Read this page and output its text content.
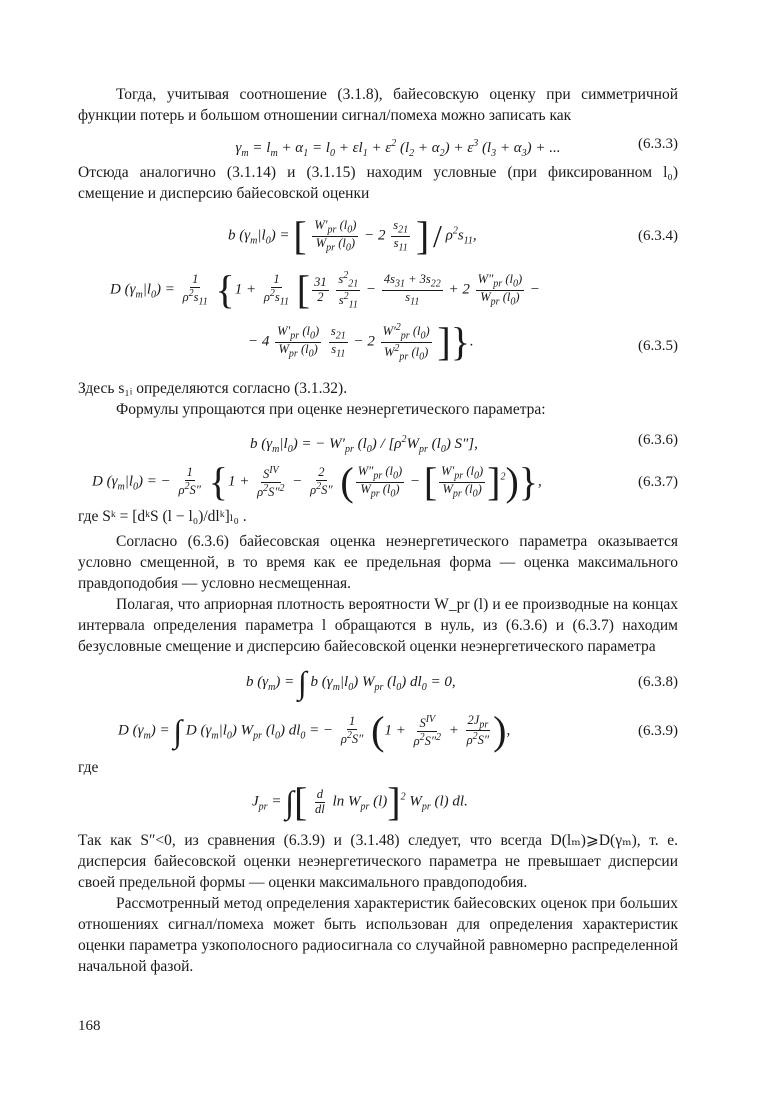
Тогда, учитывая соотношение (3.1.8), байесовскую оценку при симметричной функции потерь и большом отношении сигнал/помеха можно записать как

$\gamma_m = l_m + \alpha_1 = l_0 + \varepsilon l_1 + \varepsilon^2$ $(l_2 + \alpha_2) + \varepsilon^3$ $(l_3 + \alpha_3)$ + ...	(6.3.3)

Отсюда аналогично (3.1.14) и (3.1.15) находим условные (при фиксированном l₀) смещение и дисперсию байесовской оценки

b $(\gamma_m|l_0)$ = [ $\frac{W'_{pr} (l_0)}{W_{pr} (l_0)} - 2 \frac{s_{21}}{s_{11}}$ ] / $\rho^2s_{11}$,	(6.3.4)
D $(\gamma_m|l_0) = \frac{1}{\rho^2s_{11}} \{1 + \frac{1}{\rho^2s_{11}}$ [ $\frac{31}{2}$
$\frac{s^2_{21}}{s^2_{11}} - \frac{4s_{31} + 3s_{22}}{s_{11}} + 2 \frac{W''_{pr} (l_0)}{W_{pr} (l_0)}$ −
− $4 \frac{W'_{pr} (l_0)}{W_{pr} (l_0)}$
$\frac{s_{21}}{s_{11}} - 2 \frac{W'^2_{pr} (l_0)}{W^2_{pr} (l_0)}$ ]}.	(6.3.5)

Здесь s₁ᵢ определяются согласно (3.1.32).

Формулы упрощаются при оценке неэнергетического параметра:

b $(\gamma_m|l_0)$ = − $W'_{pr}$ $(l_0) / [\rho^2W_{pr}$ $(l_0)$ S″],	(6.3.6)
D $(\gamma_m|l_0)$ = − $\frac{1}{\rho^2S''} \{1 + \frac{S^{IV}}{\rho^2S''^2} - \frac{2}{\rho^2S''}$ ( $\frac{W''_{pr} (l_0)}{W_{pr} (l_0)}$ − [ $\frac{W'_{pr} (l_0)}{W_{pr} (l_0)} ]^2$)},	(6.3.7)

где Sᵏ = [dᵏS (l − l₀)/dlᵏ]ₗ₀ .

Согласно (6.3.6) байесовская оценка неэнергетического параметра оказывается условно смещенной, в то время как ее предельная форма — оценка максимального правдоподобия — условно несмещенная.

Полагая, что априорная плотность вероятности W_pr (l) и ее производные на концах интервала определения параметра l обращаются в нуль, из (6.3.6) и (6.3.7) находим безусловные смещение и дисперсию байесовской оценки неэнергетического параметра

b $(\gamma_m)$ = ∫ b $(\gamma_m|l_0)$ $W_{pr}$ $(l_0) dl_0 = 0$,	(6.3.8)
D $(\gamma_m)$ = ∫ D $(\gamma_m|l_0)$ $W_{pr}$ $(l_0) dl_0$ = − $\frac{1}{\rho^2S''} (1 + \frac{S^{IV}}{\rho^2S''^2} + \frac{2J_{pr}}{\rho^2S''}$ ),	(6.3.9)

где

$J_{pr}$ = ∫[ $\frac{d}{dl}$ $\ln W_{pr}$ (l)]$^2$ $W_{pr}$ (l) dl.

Так как S″<0, из сравнения (6.3.9) и (3.1.48) следует, что всегда D(lₘ)⩾D(γₘ), т. е. дисперсия байесовской оценки неэнергетического параметра не превышает дисперсии своей предельной формы — оценки максимального правдоподобия.

Рассмотренный метод определения характеристик байесовских оценок при больших отношениях сигнал/помеха может быть использован для определения характеристик оценки параметра узкополосного радиосигнала со случайной равномерно распределенной начальной фазой.

168
